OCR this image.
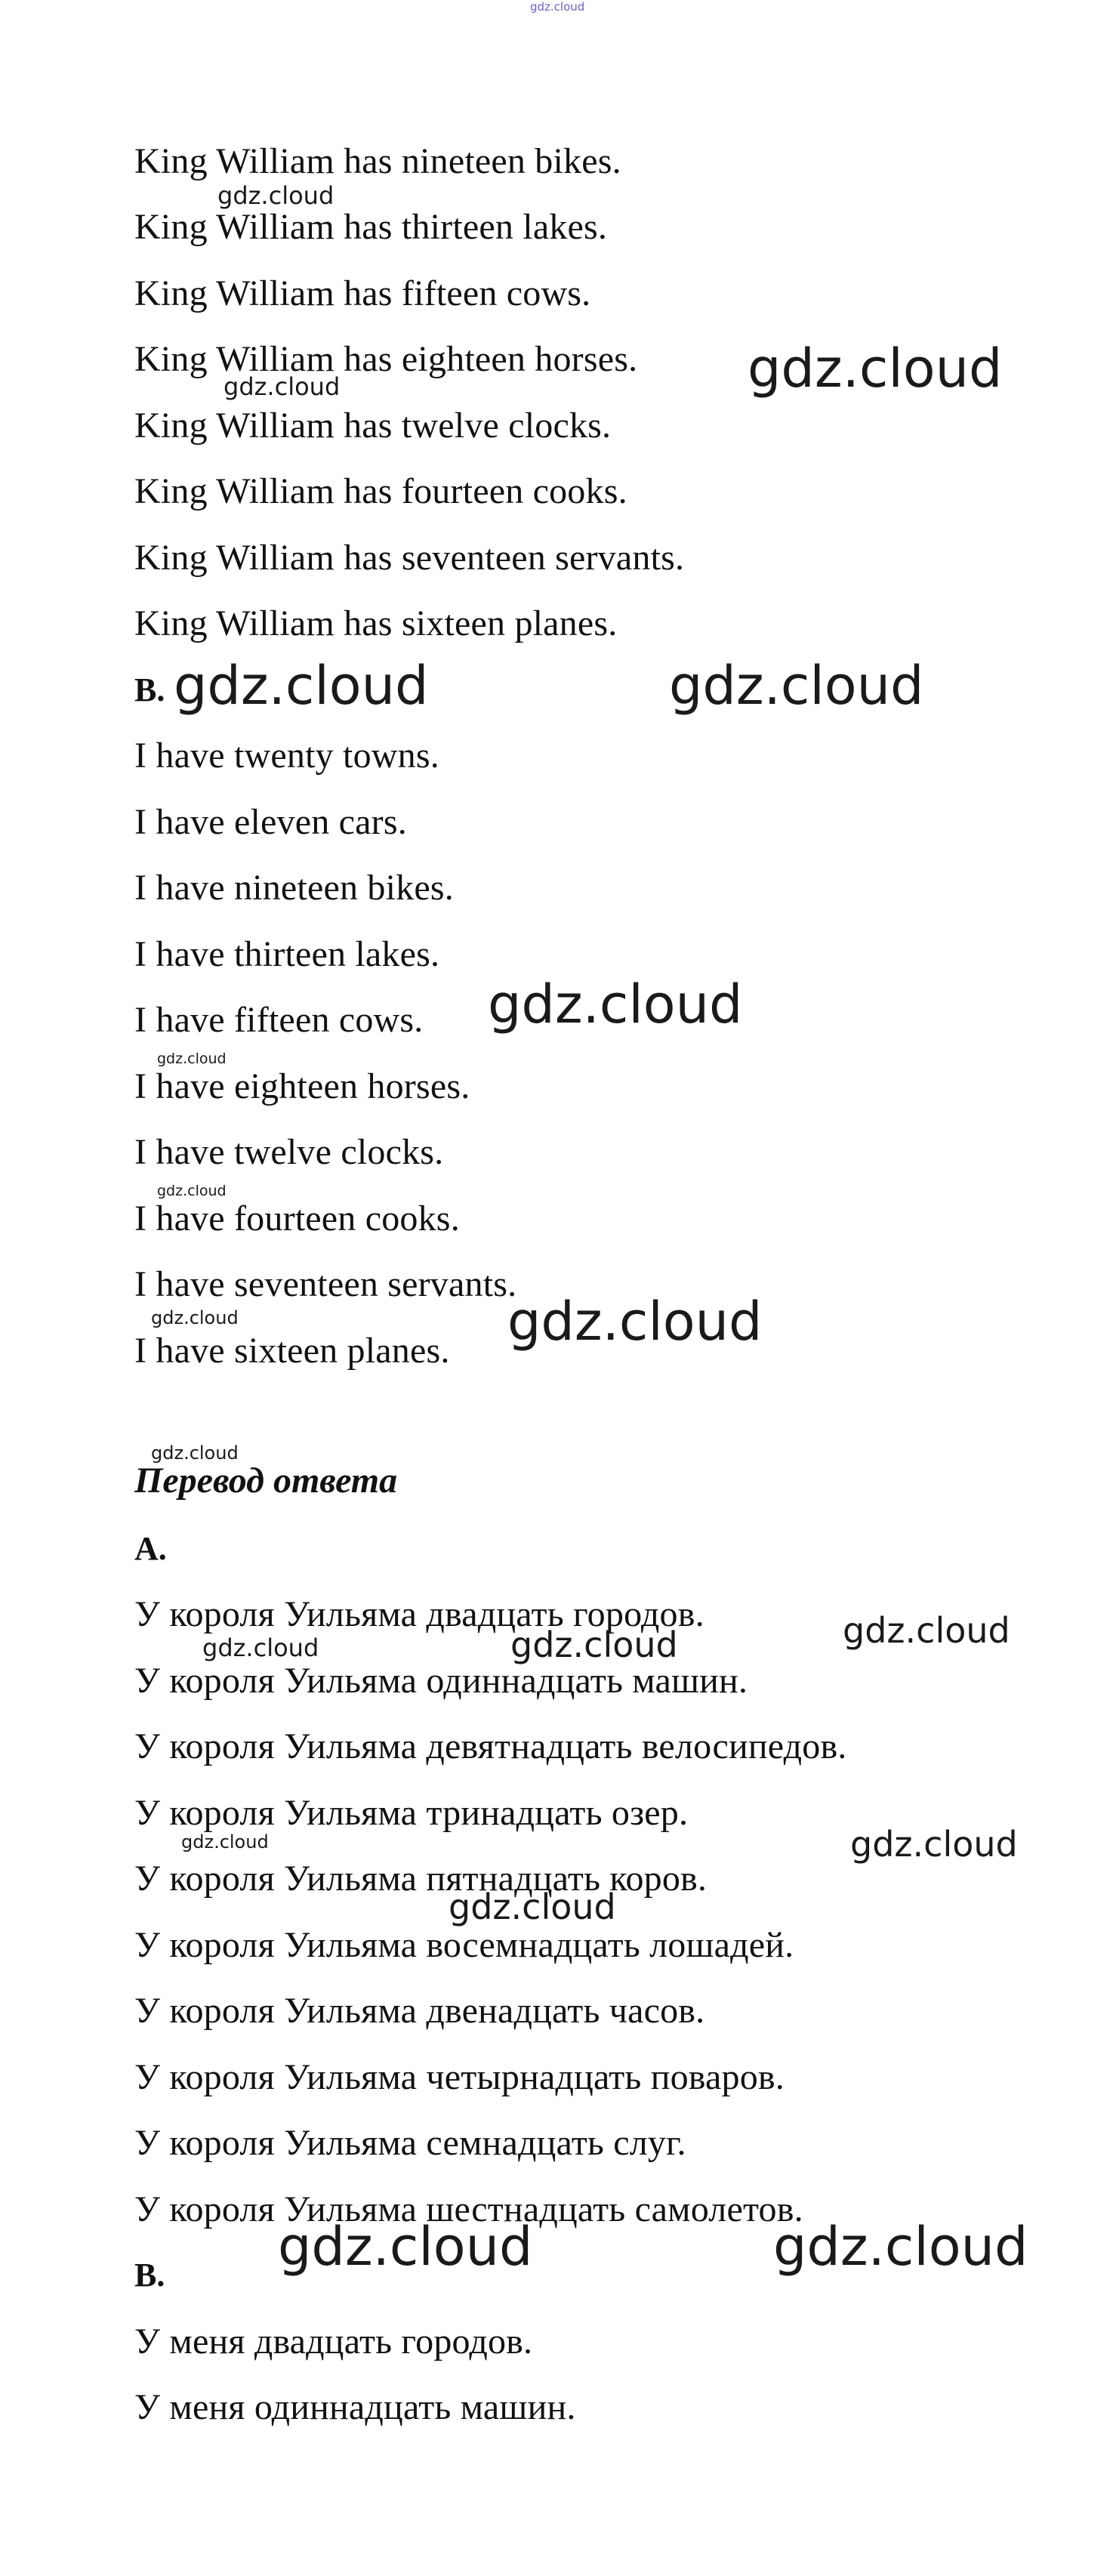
gdz.cloud
King William has nineteen bikes.
King William has thirteen lakes.
King William has fifteen cows.
King William has eighteen horses.
King William has twelve clocks.
King William has fourteen cooks.
King William has seventeen servants.
King William has sixteen planes.
B.
I have twenty towns.
I have eleven cars.
I have nineteen bikes.
I have thirteen lakes.
I have fifteen cows.
I have eighteen horses.
I have twelve clocks.
I have fourteen cooks.
I have seventeen servants.
I have sixteen planes.
Перевод ответа
A.
У короля Уильяма двадцать городов.
У короля Уильяма одиннадцать машин.
У короля Уильяма девятнадцать велосипедов.
У короля Уильяма тринадцать озер.
У короля Уильяма пятнадцать коров.
У короля Уильяма восемнадцать лошадей.
У короля Уильяма двенадцать часов.
У короля Уильяма четырнадцать поваров.
У короля Уильяма семнадцать слуг.
У короля Уильяма шестнадцать самолетов.
B.
У меня двадцать городов.
У меня одиннадцать машин.
gdz.cloud
gdz.cloud
gdz.cloud
gdz.cloud	gdz.cloud
gdz.cloud
gdz.cloud
gdz.cloud
gdz.cloud	gdz.cloud
gdz.cloud
gdz.cloud
gdz.cloud	gdz.cloud
gdz.cloud
gdz.cloud
gdz.cloud
gdz.cloud	gdz.cloud
